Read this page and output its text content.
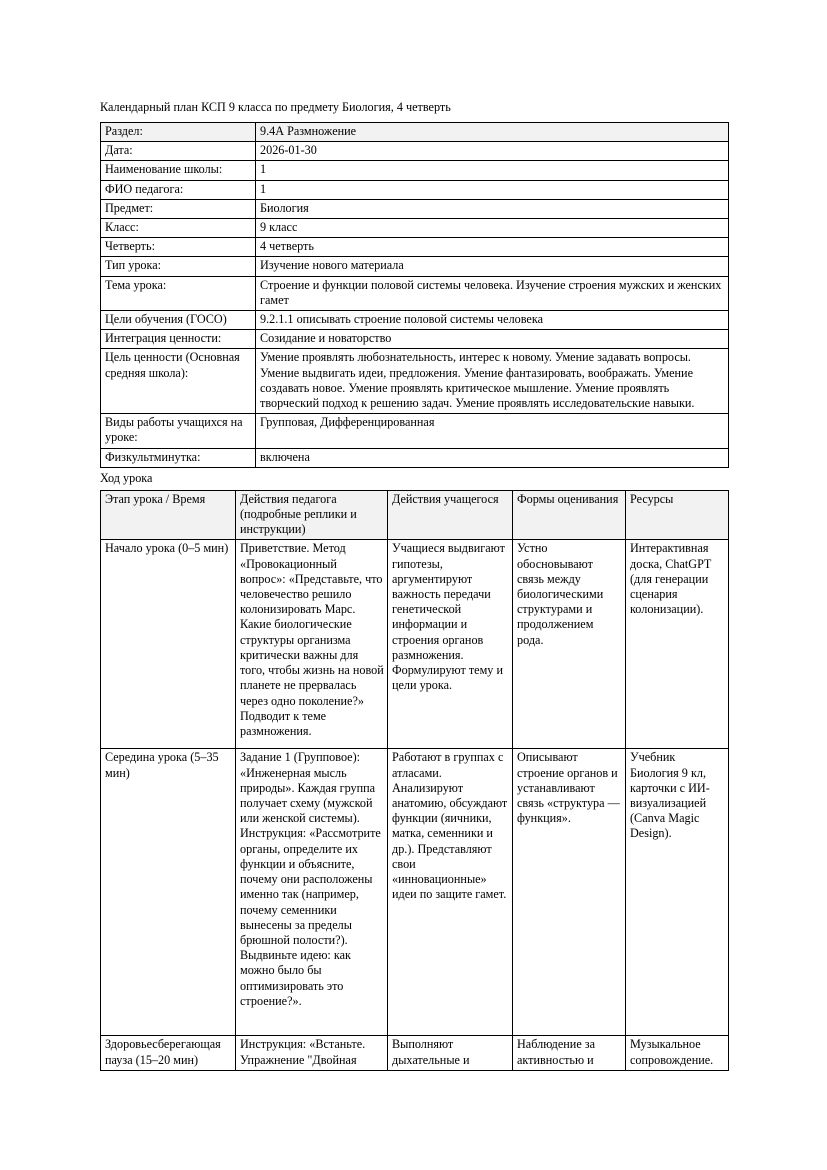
Календарный план КСП 9 класса по предмету Биология, 4 четверть
Раздел:	9.4А Размножение
Дата:	2026-01-30
Наименование школы:	1
ФИО педагога:	1
Предмет:	Биология
Класс:	9 класс
Четверть:	4 четверть
Тип урока:	Изучение нового материала
Тема урока:	Строение и функции половой системы человека. Изучение строения мужских и женских гамет
Цели обучения (ГОСО)	9.2.1.1 описывать строение половой системы человека
Интеграция ценности:	Созидание и новаторство
Цель ценности (Основная средняя школа):	Умение проявлять любознательность, интерес к новому. Умение задавать вопросы. Умение выдвигать идеи, предложения. Умение фантазировать, воображать. Умение создавать новое. Умение проявлять критическое мышление. Умение проявлять творческий подход к решению задач. Умение проявлять исследовательские навыки.
Виды работы учащихся на уроке:	Групповая, Дифференцированная
Физкультминутка:	включена
Ход урока
Этап урока / Время	Действия педагога (подробные реплики и инструкции)	Действия учащегося	Формы оценивания	Ресурсы
Начало урока (0–5 мин)	Приветствие. Метод «Провокационный вопрос»: «Представьте, что человечество решило колонизировать Марс. Какие биологические структуры организма критически важны для того, чтобы жизнь на новой планете не прервалась через одно поколение?» Подводит к теме размножения.	Учащиеся выдвигают гипотезы, аргументируют важность передачи генетической информации и строения органов размножения. Формулируют тему и цели урока.	Устно обосновывают связь между биологическими структурами и продолжением рода.	Интерактивная доска, ChatGPT (для генерации сценария колонизации).
Середина урока (5–35 мин)	Задание 1 (Групповое): «Инженерная мысль природы». Каждая группа получает схему (мужской или женской системы). Инструкция: «Рассмотрите органы, определите их функции и объясните, почему они расположены именно так (например, почему семенники вынесены за пределы брюшной полости?). Выдвиньте идею: как можно было бы оптимизировать это строение?».	Работают в группах с атласами. Анализируют анатомию, обсуждают функции (яичники, матка, семенники и др.). Представляют свои «инновационные» идеи по защите гамет.	Описывают строение органов и устанавливают связь «структура — функция».	Учебник Биология 9 кл, карточки с ИИ-визуализацией (Canva Magic Design).
Здоровьесберегающая пауза (15–20 мин)	Инструкция: «Встаньте. Упражнение "Двойная	Выполняют дыхательные и	Наблюдение за активностью и	Музыкальное сопровождение.
